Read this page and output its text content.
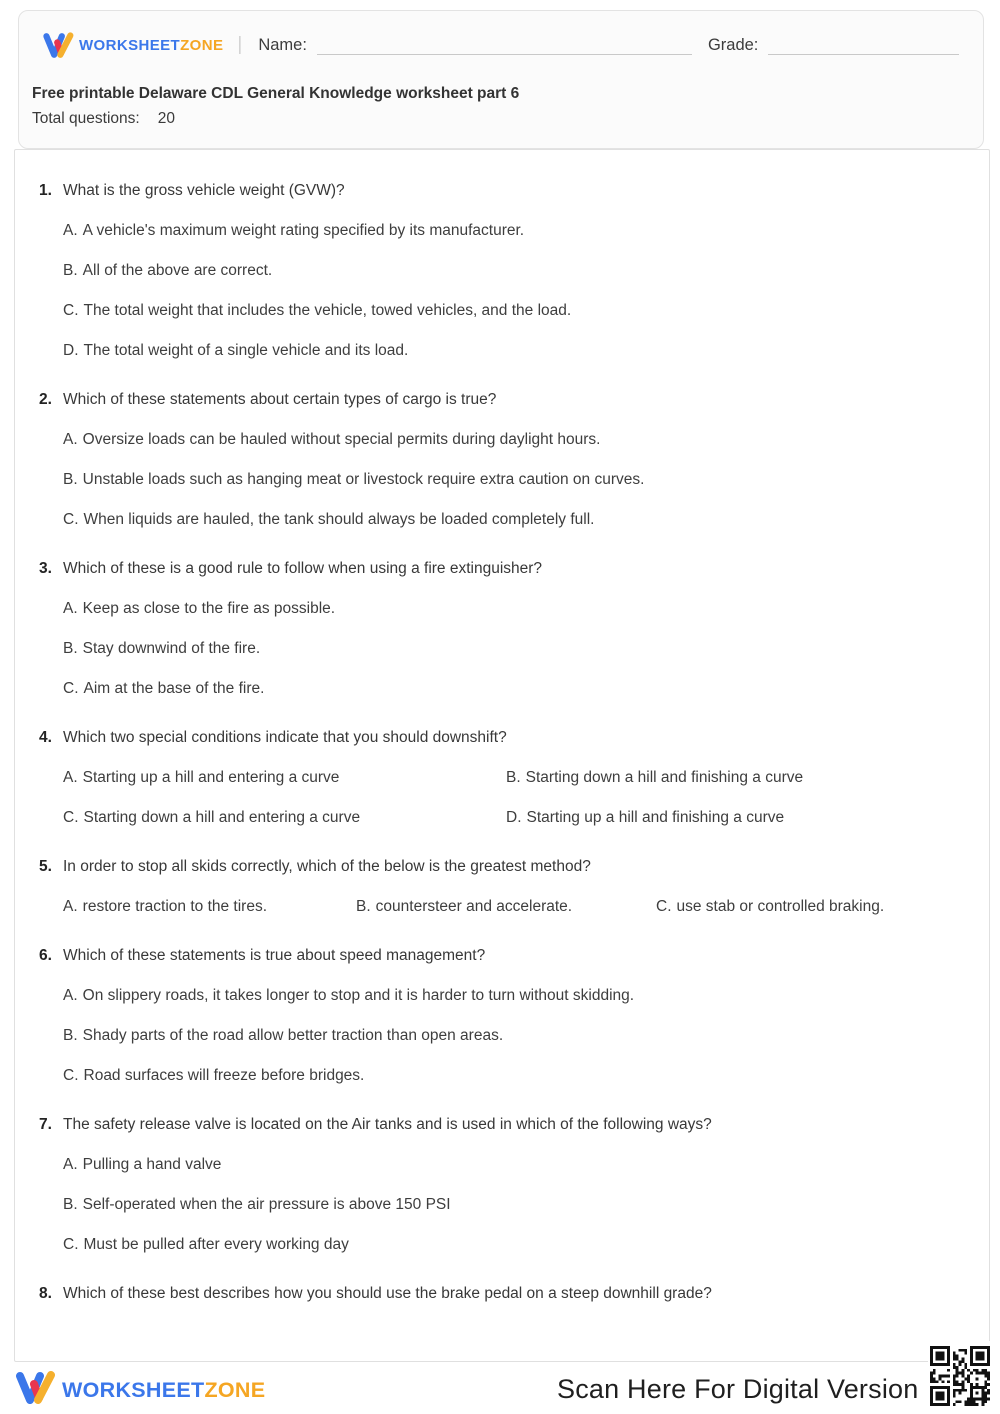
WORKSHEETZONE | Name:	Grade:
Free printable Delaware CDL General Knowledge worksheet part 6
Total questions: 20
1. What is the gross vehicle weight (GVW)?
A. A vehicle's maximum weight rating specified by its manufacturer.
B. All of the above are correct.
C. The total weight that includes the vehicle, towed vehicles, and the load.
D. The total weight of a single vehicle and its load.
2. Which of these statements about certain types of cargo is true?
A. Oversize loads can be hauled without special permits during daylight hours.
B. Unstable loads such as hanging meat or livestock require extra caution on curves.
C. When liquids are hauled, the tank should always be loaded completely full.
3. Which of these is a good rule to follow when using a fire extinguisher?
A. Keep as close to the fire as possible.
B. Stay downwind of the fire.
C. Aim at the base of the fire.
4. Which two special conditions indicate that you should downshift?
A. Starting up a hill and entering a curve	B. Starting down a hill and finishing a curve
C. Starting down a hill and entering a curve	D. Starting up a hill and finishing a curve
5. In order to stop all skids correctly, which of the below is the greatest method?
A. restore traction to the tires.	B. countersteer and accelerate.	C. use stab or controlled braking.
6. Which of these statements is true about speed management?
A. On slippery roads, it takes longer to stop and it is harder to turn without skidding.
B. Shady parts of the road allow better traction than open areas.
C. Road surfaces will freeze before bridges.
7. The safety release valve is located on the Air tanks and is used in which of the following ways?
A. Pulling a hand valve
B. Self-operated when the air pressure is above 150 PSI
C. Must be pulled after every working day
8. Which of these best describes how you should use the brake pedal on a steep downhill grade?
WORKSHEETZONE	Scan Here For Digital Version
